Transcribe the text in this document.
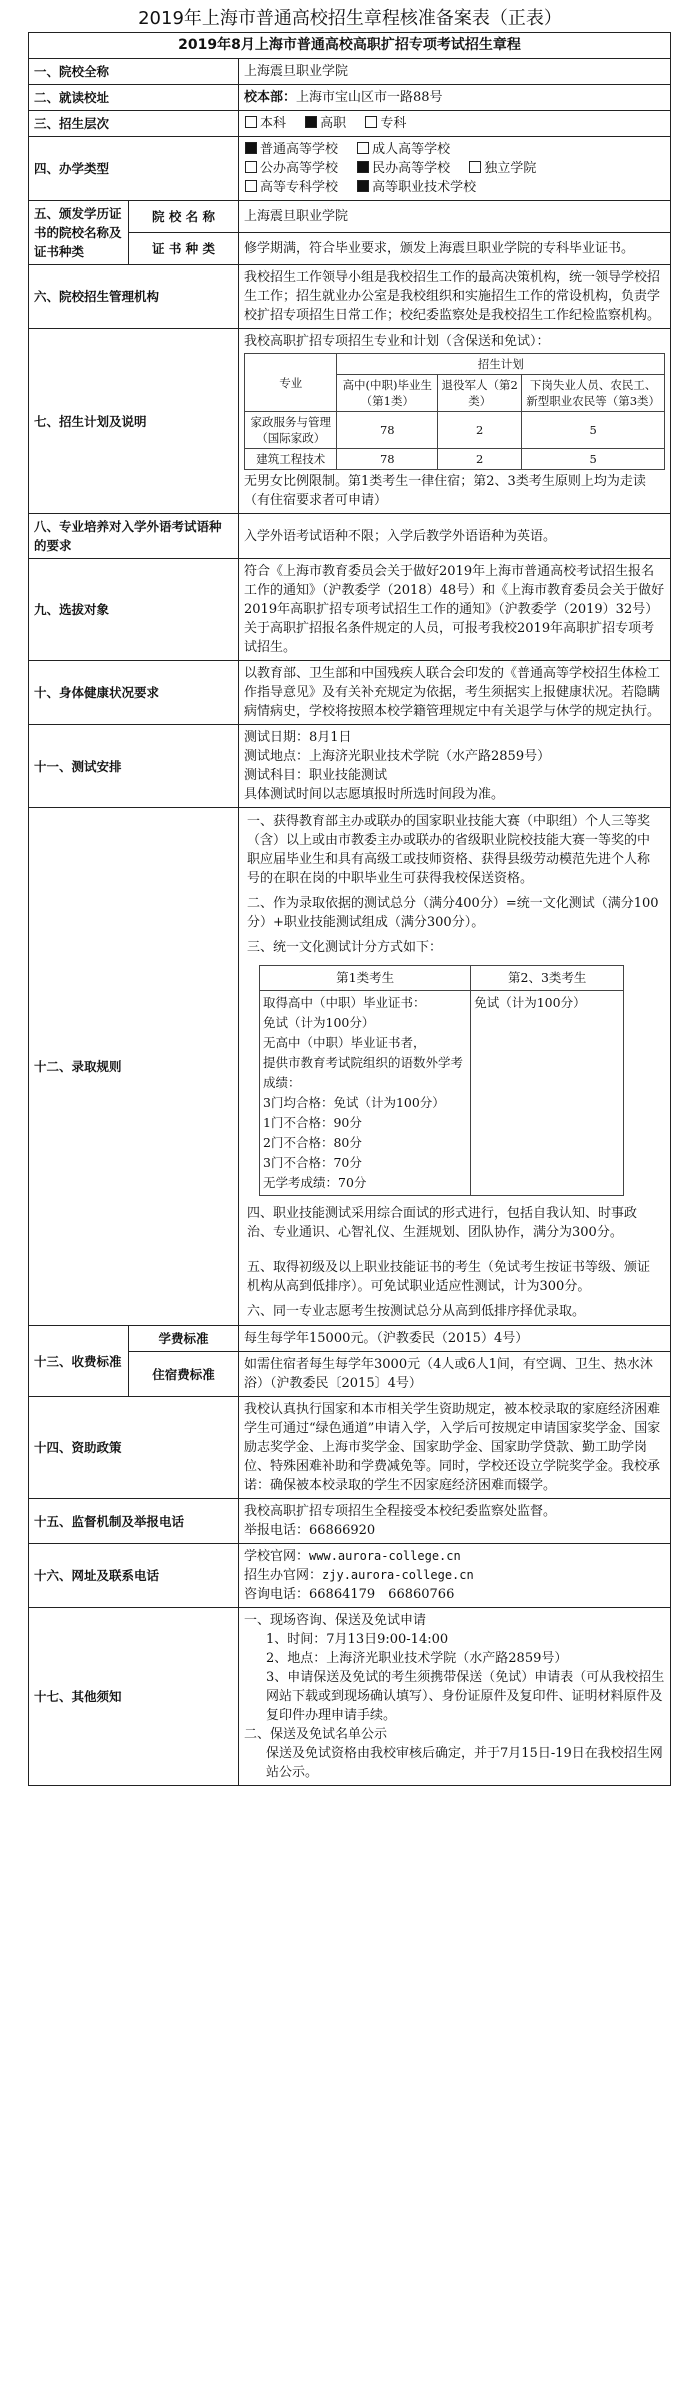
2019年上海市普通高校招生章程核准备案表（正表）
2019年8月上海市普通高校高职扩招专项考试招生章程
一、院校全称	上海震旦职业学院
二、就读校址	校本部：上海市宝山区市一路88号
三、招生层次	本科	高职	专科
四、办学类型	
普通高等学校	成人高等学校
公办高等学校	民办高等学校	独立学院
高等专科学校	高等职业技术学校

五、颁发学历证书的院校名称及证书种类	院 校 名 称	上海震旦职业学院
证 书 种 类	修学期满，符合毕业要求，颁发上海震旦职业学院的专科毕业证书。
六、院校招生管理机构	我校招生工作领导小组是我校招生工作的最高决策机构，统一领导学校招生工作；招生就业办公室是我校组织和实施招生工作的常设机构，负责学校扩招专项招生日常工作；校纪委监察处是我校招生工作纪检监察机构。
七、招生计划及说明	
我校高职扩招专项招生专业和计划（含保送和免试）：
专业	招生计划
高中(中职)毕业生（第1类）	退役军人（第2类）	下岗失业人员、农民工、新型职业农民等（第3类）
家政服务与管理（国际家政）	78	2	5
建筑工程技术	78	2	5
无男女比例限制。第1类考生一律住宿；第2、3类考生原则上均为走读（有住宿要求者可申请）

八、专业培养对入学外语考试语种的要求	入学外语考试语种不限；入学后教学外语语种为英语。
九、选拔对象	符合《上海市教育委员会关于做好2019年上海市普通高校考试招生报名工作的通知》（沪教委学（2018）48号）和《上海市教育委员会关于做好2019年高职扩招专项考试招生工作的通知》（沪教委学（2019）32号）关于高职扩招报名条件规定的人员，可报考我校2019年高职扩招专项考试招生。
十、身体健康状况要求	以教育部、卫生部和中国残疾人联合会印发的《普通高等学校招生体检工作指导意见》及有关补充规定为依据，考生须据实上报健康状况。若隐瞒病情病史，学校将按照本校学籍管理规定中有关退学与休学的规定执行。
十一、测试安排	
测试日期：8月1日
测试地点：上海济光职业技术学院（水产路2859号）
测试科目：职业技能测试
具体测试时间以志愿填报时所选时间段为准。

十二、录取规则	
一、获得教育部主办或联办的国家职业技能大赛（中职组）个人三等奖（含）以上或由市教委主办或联办的省级职业院校技能大赛一等奖的中职应届毕业生和具有高级工或技师资格、获得县级劳动模范先进个人称号的在职在岗的中职毕业生可获得我校保送资格。
二、作为录取依据的测试总分（满分400分）=统一文化测试（满分100分）+职业技能测试组成（满分300分）。
三、统一文化测试计分方式如下：
第1类考生	第2、3类考生

取得高中（中职）毕业证书：
免试（计为100分）
无高中（中职）毕业证书者，
提供市教育考试院组织的语数外学考成绩：
3门均合格：免试（计为100分）
1门不合格：90分
2门不合格：80分
3门不合格：70分
无学考成绩：70分
	免试（计为100分）
四、职业技能测试采用综合面试的形式进行，包括自我认知、时事政治、专业通识、心智礼仪、生涯规划、团队协作，满分为300分。
五、取得初级及以上职业技能证书的考生（免试考生按证书等级、颁证机构从高到低排序）。可免试职业适应性测试，计为300分。
六、同一专业志愿考生按测试总分从高到低排序择优录取。

十三、收费标准	学费标准	每生每学年15000元。（沪教委民（2015）4号）
住宿费标准	如需住宿者每生每学年3000元（4人或6人1间，有空调、卫生、热水沐浴）（沪教委民〔2015〕4号）
十四、资助政策	我校认真执行国家和本市相关学生资助规定，被本校录取的家庭经济困难学生可通过“绿色通道”申请入学，入学后可按规定申请国家奖学金、国家励志奖学金、上海市奖学金、国家助学金、国家助学贷款、勤工助学岗位、特殊困难补助和学费减免等。同时，学校还设立学院奖学金。我校承诺：确保被本校录取的学生不因家庭经济困难而辍学。
十五、监督机制及举报电话	
我校高职扩招专项招生全程接受本校纪委监察处监督。
举报电话：66866920

十六、网址及联系电话	
学校官网：www.aurora-college.cn
招生办官网：zjy.aurora-college.cn
咨询电话：66864179　66860766

十七、其他须知	
一、现场咨询、保送及免试申请
1、时间：7月13日9:00-14:00
2、地点：上海济光职业技术学院（水产路2859号）
3、申请保送及免试的考生须携带保送（免试）申请表（可从我校招生网站下载或到现场确认填写）、身份证原件及复印件、证明材料原件及复印件办理申请手续。
二、保送及免试名单公示
保送及免试资格由我校审核后确定，并于7月15日-19日在我校招生网站公示。
